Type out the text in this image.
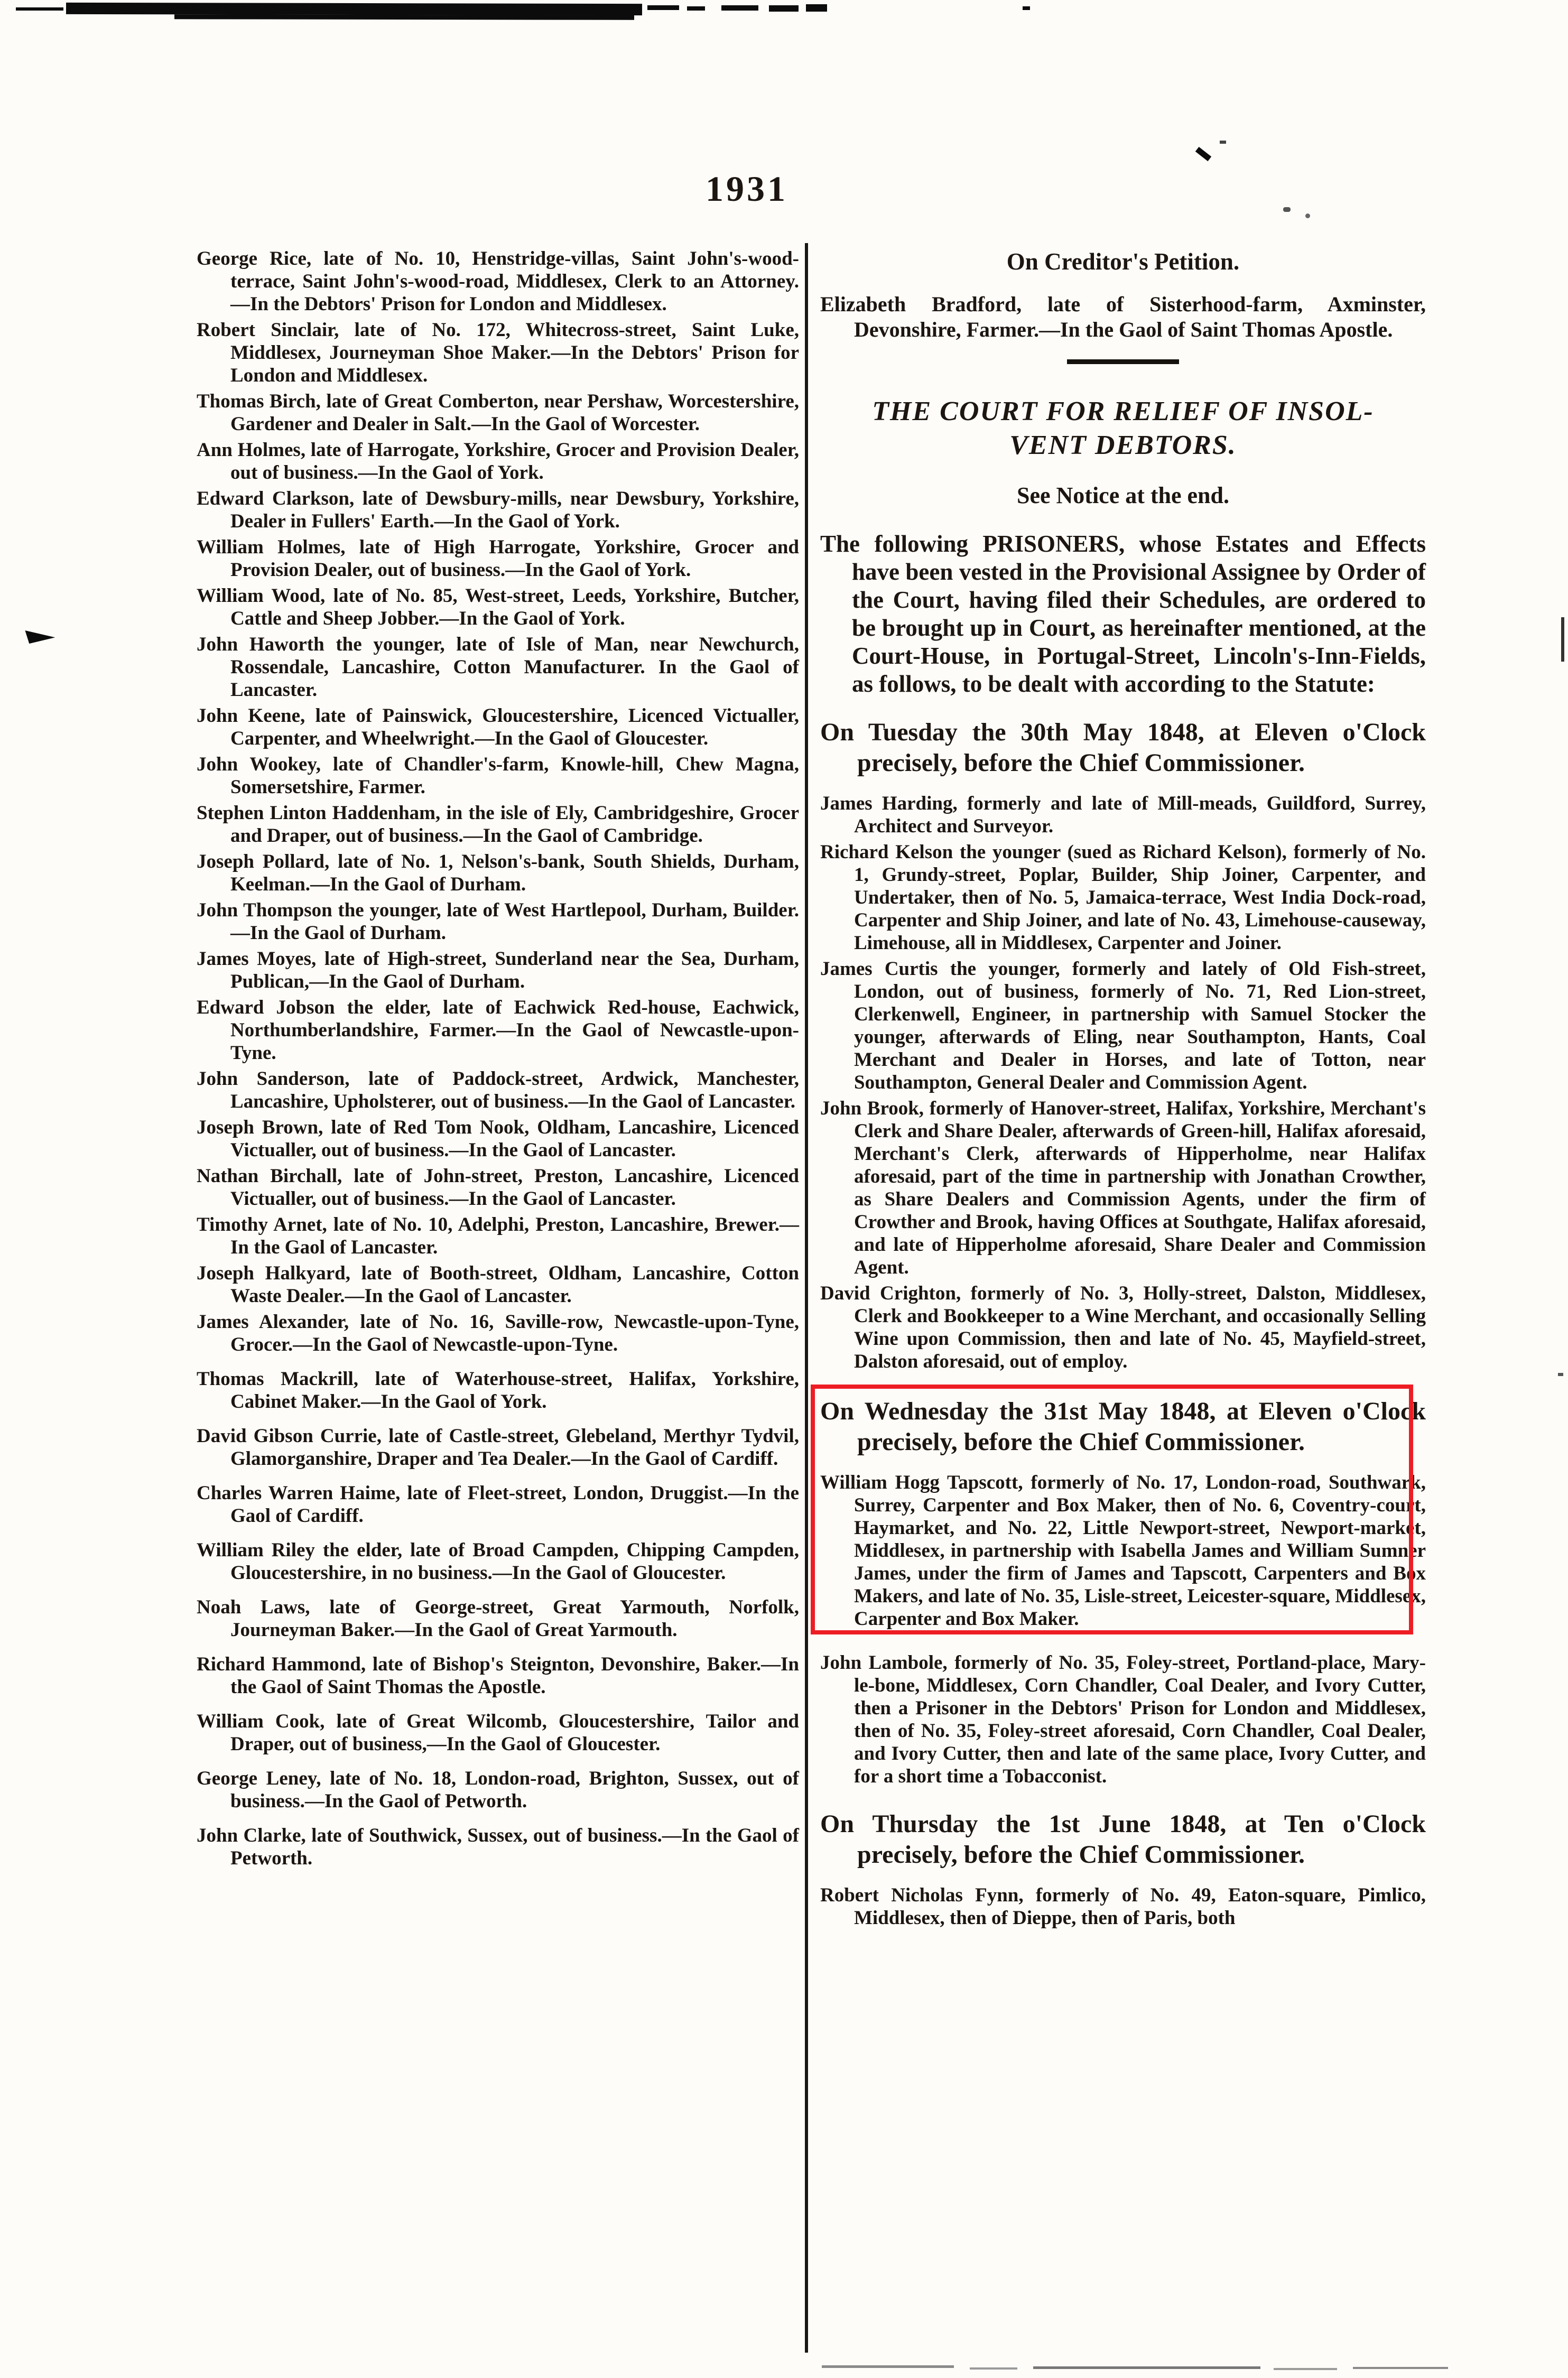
1931

George Rice, late of No. 10, Henstridge-villas, Saint John's-wood-terrace, Saint John's-wood-road, Middlesex, Clerk to an Attorney.—In the Debtors' Prison for London and Middlesex.

Robert Sinclair, late of No. 172, Whitecross-street, Saint Luke, Middlesex, Journeyman Shoe Maker.—In the Debtors' Prison for London and Middlesex.

Thomas Birch, late of Great Comberton, near Pershaw, Worcestershire, Gardener and Dealer in Salt.—In the Gaol of Worcester.

Ann Holmes, late of Harrogate, Yorkshire, Grocer and Provision Dealer, out of business.—In the Gaol of York.

Edward Clarkson, late of Dewsbury-mills, near Dewsbury, Yorkshire, Dealer in Fullers' Earth.—In the Gaol of York.

William Holmes, late of High Harrogate, Yorkshire, Grocer and Provision Dealer, out of business.—In the Gaol of York.

William Wood, late of No. 85, West-street, Leeds, Yorkshire, Butcher, Cattle and Sheep Jobber.—In the Gaol of York.

John Haworth the younger, late of Isle of Man, near Newchurch, Rossendale, Lancashire, Cotton Manufacturer. In the Gaol of Lancaster.

John Keene, late of Painswick, Gloucestershire, Licenced Victualler, Carpenter, and Wheelwright.—In the Gaol of Gloucester.

John Wookey, late of Chandler's-farm, Knowle-hill, Chew Magna, Somersetshire, Farmer.

Stephen Linton Haddenham, in the isle of Ely, Cambridgeshire, Grocer and Draper, out of business.—In the Gaol of Cambridge.

Joseph Pollard, late of No. 1, Nelson's-bank, South Shields, Durham, Keelman.—In the Gaol of Durham.

John Thompson the younger, late of West Hartlepool, Durham, Builder.—In the Gaol of Durham.

James Moyes, late of High-street, Sunderland near the Sea, Durham, Publican,—In the Gaol of Durham.

Edward Jobson the elder, late of Eachwick Red-house, Eachwick, Northumberlandshire, Farmer.—In the Gaol of Newcastle-upon-Tyne.

John Sanderson, late of Paddock-street, Ardwick, Manchester, Lancashire, Upholsterer, out of business.—In the Gaol of Lancaster.

Joseph Brown, late of Red Tom Nook, Oldham, Lancashire, Licenced Victualler, out of business.—In the Gaol of Lancaster.

Nathan Birchall, late of John-street, Preston, Lancashire, Licenced Victualler, out of business.—In the Gaol of Lancaster.

Timothy Arnet, late of No. 10, Adelphi, Preston, Lancashire, Brewer.—In the Gaol of Lancaster.

Joseph Halkyard, late of Booth-street, Oldham, Lancashire, Cotton Waste Dealer.—In the Gaol of Lancaster.

James Alexander, late of No. 16, Saville-row, Newcastle-upon-Tyne, Grocer.—In the Gaol of Newcastle-upon-Tyne.

Thomas Mackrill, late of Waterhouse-street, Halifax, Yorkshire, Cabinet Maker.—In the Gaol of York.

David Gibson Currie, late of Castle-street, Glebeland, Merthyr Tydvil, Glamorganshire, Draper and Tea Dealer.—In the Gaol of Cardiff.

Charles Warren Haime, late of Fleet-street, London, Druggist.—In the Gaol of Cardiff.

William Riley the elder, late of Broad Campden, Chipping Campden, Gloucestershire, in no business.—In the Gaol of Gloucester.

Noah Laws, late of George-street, Great Yarmouth, Norfolk, Journeyman Baker.—In the Gaol of Great Yarmouth.

Richard Hammond, late of Bishop's Steignton, Devonshire, Baker.—In the Gaol of Saint Thomas the Apostle.

William Cook, late of Great Wilcomb, Gloucestershire, Tailor and Draper, out of business,—In the Gaol of Gloucester.

George Leney, late of No. 18, London-road, Brighton, Sussex, out of business.—In the Gaol of Petworth.

John Clarke, late of Southwick, Sussex, out of business.—In the Gaol of Petworth.

On Creditor's Petition.

Elizabeth Bradford, late of Sisterhood-farm, Axminster, Devonshire, Farmer.—In the Gaol of Saint Thomas Apostle.

THE COURT FOR RELIEF OF INSOL-
VENT DEBTORS.
See Notice at the end.

The following PRISONERS, whose Estates and Effects have been vested in the Provisional Assignee by Order of the Court, having filed their Schedules, are ordered to be brought up in Court, as hereinafter mentioned, at the Court-House, in Portugal-Street, Lincoln's-Inn-Fields, as follows, to be dealt with according to the Statute:

On Tuesday the 30th May 1848, at Eleven o'Clock precisely, before the Chief Commissioner.

James Harding, formerly and late of Mill-meads, Guildford, Surrey, Architect and Surveyor.

Richard Kelson the younger (sued as Richard Kelson), formerly of No. 1, Grundy-street, Poplar, Builder, Ship Joiner, Carpenter, and Undertaker, then of No. 5, Jamaica-terrace, West India Dock-road, Carpenter and Ship Joiner, and late of No. 43, Limehouse-causeway, Limehouse, all in Middlesex, Carpenter and Joiner.

James Curtis the younger, formerly and lately of Old Fish-street, London, out of business, formerly of No. 71, Red Lion-street, Clerkenwell, Engineer, in partnership with Samuel Stocker the younger, afterwards of Eling, near Southampton, Hants, Coal Merchant and Dealer in Horses, and late of Totton, near Southampton, General Dealer and Commission Agent.

John Brook, formerly of Hanover-street, Halifax, Yorkshire, Merchant's Clerk and Share Dealer, afterwards of Green-hill, Halifax aforesaid, Merchant's Clerk, afterwards of Hipperholme, near Halifax aforesaid, part of the time in partnership with Jonathan Crowther, as Share Dealers and Commission Agents, under the firm of Crowther and Brook, having Offices at Southgate, Halifax aforesaid, and late of Hipperholme aforesaid, Share Dealer and Commission Agent.

David Crighton, formerly of No. 3, Holly-street, Dalston, Middlesex, Clerk and Bookkeeper to a Wine Merchant, and occasionally Selling Wine upon Commission, then and late of No. 45, Mayfield-street, Dalston aforesaid, out of employ.

On Wednesday the 31st May 1848, at Eleven o'Clock precisely, before the Chief Commissioner.

William Hogg Tapscott, formerly of No. 17, London-road, Southwark, Surrey, Carpenter and Box Maker, then of No. 6, Coventry-court, Haymarket, and No. 22, Little Newport-street, Newport-market, Middlesex, in partnership with Isabella James and William Sumner James, under the firm of James and Tapscott, Carpenters and Box Makers, and late of No. 35, Lisle-street, Leicester-square, Middlesex, Carpenter and Box Maker.

John Lambole, formerly of No. 35, Foley-street, Portland-place, Mary-le-bone, Middlesex, Corn Chandler, Coal Dealer, and Ivory Cutter, then a Prisoner in the Debtors' Prison for London and Middlesex, then of No. 35, Foley-street aforesaid, Corn Chandler, Coal Dealer, and Ivory Cutter, then and late of the same place, Ivory Cutter, and for a short time a Tobacconist.

On Thursday the 1st June 1848, at Ten o'Clock precisely, before the Chief Commissioner.

Robert Nicholas Fynn, formerly of No. 49, Eaton-square, Pimlico, Middlesex, then of Dieppe, then of Paris, both
